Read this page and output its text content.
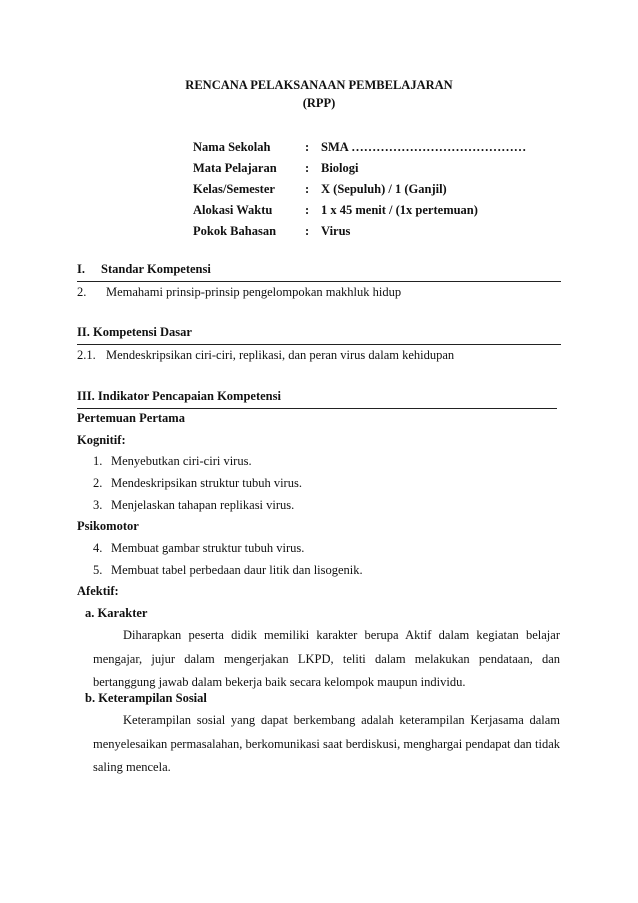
RENCANA PELAKSANAAN PEMBELAJARAN
(RPP)
Nama Sekolah	: SMA ……………………………………
Mata Pelajaran : Biologi
Kelas/Semester : X (Sepuluh) / 1 (Ganjil)
Alokasi Waktu	: 1 x 45 menit / (1x pertemuan)
Pokok Bahasan : Virus
I. Standar Kompetensi
2. Memahami prinsip-prinsip pengelompokan makhluk hidup
II. Kompetensi Dasar
2.1. Mendeskripsikan ciri-ciri, replikasi, dan peran virus dalam kehidupan
III. Indikator Pencapaian Kompetensi
Pertemuan Pertama
Kognitif:
1. Menyebutkan ciri-ciri virus.
2. Mendeskripsikan struktur tubuh virus.
3. Menjelaskan tahapan replikasi virus.
Psikomotor
4. Membuat gambar struktur tubuh virus.
5. Membuat tabel perbedaan daur litik dan lisogenik.
Afektif:
a. Karakter
Diharapkan peserta didik memiliki karakter berupa Aktif dalam kegiatan belajar mengajar, jujur dalam mengerjakan LKPD, teliti dalam melakukan pendataan, dan bertanggung jawab dalam bekerja baik secara kelompok maupun individu.
b. Keterampilan Sosial
Keterampilan sosial yang dapat berkembang adalah keterampilan Kerjasama dalam menyelesaikan permasalahan, berkomunikasi saat berdiskusi, menghargai pendapat dan tidak saling mencela.
